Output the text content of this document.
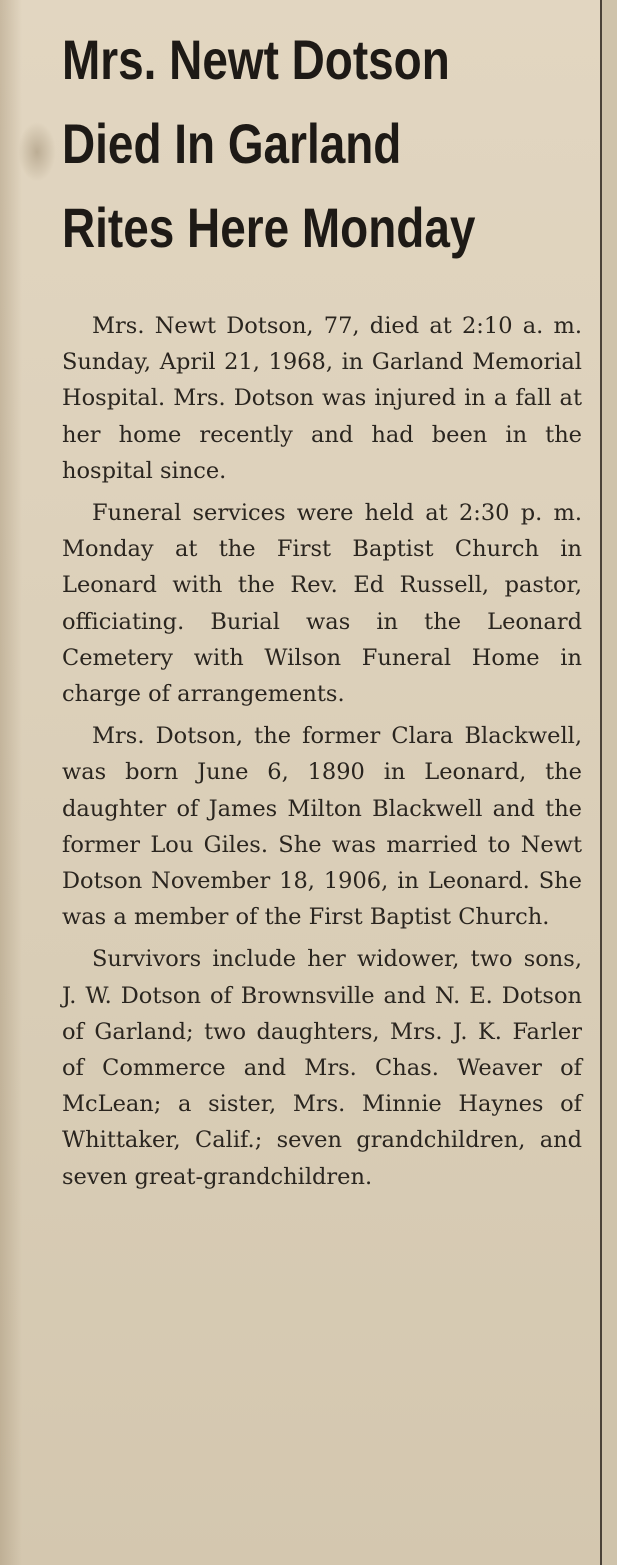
Mrs. Newt Dotson
Died In Garland
Rites Here Monday

Mrs. Newt Dotson, 77, died at 2:10 a. m. Sunday, April 21, 1968, in Garland Memorial Hospital. Mrs. Dotson was injured in a fall at her home recently and had been in the hospital since.

Funeral services were held at 2:30 p. m. Monday at the First Baptist Church in Leonard with the Rev. Ed Russell, pastor, officiating. Burial was in the Leonard Cemetery with Wilson Funeral Home in charge of arrangements.

Mrs. Dotson, the former Clara Blackwell, was born June 6, 1890 in Leonard, the daughter of James Milton Blackwell and the former Lou Giles. She was married to Newt Dotson November 18, 1906, in Leonard. She was a member of the First Baptist Church.

Survivors include her widower, two sons, J. W. Dotson of Brownsville and N. E. Dotson of Garland; two daughters, Mrs. J. K. Farler of Commerce and Mrs. Chas. Weaver of McLean; a sister, Mrs. Minnie Haynes of Whittaker, Calif.; seven grandchildren, and seven great-grandchildren.
